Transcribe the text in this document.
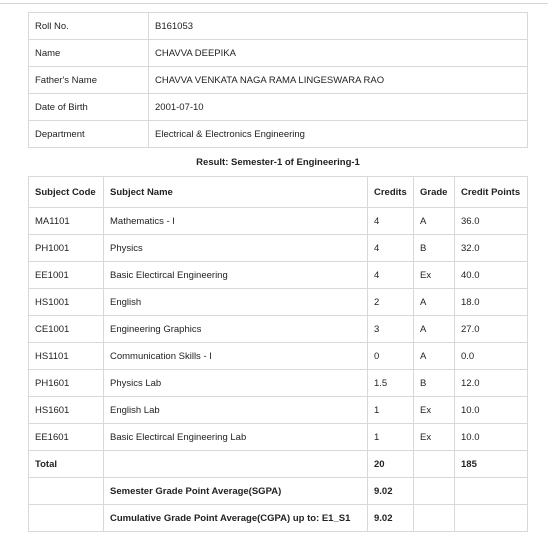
Roll No.	B161053
Name	CHAVVA DEEPIKA
Father's Name	CHAVVA VENKATA NAGA RAMA LINGESWARA RAO
Date of Birth	2001-07-10
Department	Electrical & Electronics Engineering
Result: Semester-1 of Engineering-1
Subject Code	Subject Name	Credits	Grade	Credit Points
MA1101	Mathematics - I	4	A	36.0
PH1001	Physics	4	B	32.0
EE1001	Basic Electircal Engineering	4	Ex	40.0
HS1001	English	2	A	18.0
CE1001	Engineering Graphics	3	A	27.0
HS1101	Communication Skills - I	0	A	0.0
PH1601	Physics Lab	1.5	B	12.0
HS1601	English Lab	1	Ex	10.0
EE1601	Basic Electircal Engineering Lab	1	Ex	10.0
Total		20		185
	Semester Grade Point Average(SGPA)	9.02		
	Cumulative Grade Point Average(CGPA) up to: E1_S1	9.02		
